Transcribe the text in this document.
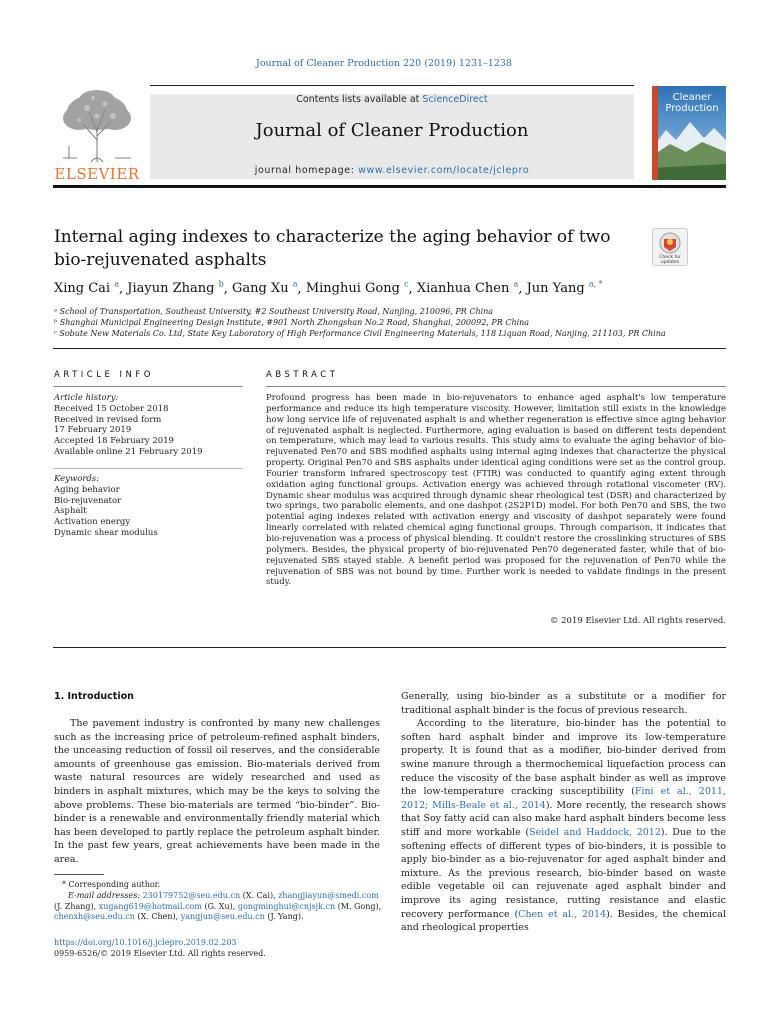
Journal of Cleaner Production 220 (2019) 1231–1238
ELSEVIER
Contents lists available at ScienceDirect
Journal of Cleaner Production
journal homepage: www.elsevier.com/locate/jclepro
Cleaner
Production
Internal aging indexes to characterize the aging behavior of two bio-rejuvenated asphalts	Check for updates
Xing Cai $^a$, Jiayun Zhang $^b$, Gang Xu $^a$, Minghui Gong $^c$, Xianhua Chen $^a$, Jun Yang $^{a, *}$
ᵃ School of Transportation, Southeast University, #2 Southeast University Road, Nanjing, 210096, PR China
ᵇ Shanghai Municipal Engineering Design Institute, #901 North Zhongshan No.2 Road, Shanghai, 200092, PR China
ᶜ Sobute New Materials Co. Ltd, State Key Laboratory of High Performance Civil Engineering Materials, 118 Liquan Road, Nanjing, 211103, PR China
ARTICLE INFO
Article history:
Received 15 October 2018
Received in revised form
17 February 2019
Accepted 18 February 2019
Available online 21 February 2019
Keywords:
Aging behavior
Bio-rejuvenator
Asphalt
Activation energy
Dynamic shear modulus
ABSTRACT
Profound progress has been made in bio-rejuvenators to enhance aged asphalt's low temperature performance and reduce its high temperature viscosity. However, limitation still exists in the knowledge how long service life of rejuvenated asphalt is and whether regeneration is effective since aging behavior of rejuvenated asphalt is neglected. Furthermore, aging evaluation is based on different tests dependent on temperature, which may lead to various results. This study aims to evaluate the aging behavior of bio-rejuvenated Pen70 and SBS modified asphalts using internal aging indexes that characterize the physical property. Original Pen70 and SBS asphalts under identical aging conditions were set as the control group. Fourier transform infrared spectroscopy test (FTIR) was conducted to quantify aging extent through oxidation aging functional groups. Activation energy was achieved through rotational viscometer (RV). Dynamic shear modulus was acquired through dynamic shear rheological test (DSR) and characterized by two springs, two parabolic elements, and one dashpot (2S2P1D) model. For both Pen70 and SBS, the two potential aging indexes related with activation energy and viscosity of dashpot separately were found linearly correlated with related chemical aging functional groups. Through comparison, it indicates that bio-rejuvenation was a process of physical blending. It couldn't restore the crosslinking structures of SBS polymers. Besides, the physical property of bio-rejuvenated Pen70 degenerated faster, while that of bio-rejuvenated SBS stayed stable. A benefit period was proposed for the rejuvenation of Pen70 while the rejuvenation of SBS was not bound by time. Further work is needed to validate findings in the present study.
© 2019 Elsevier Ltd. All rights reserved.
1. Introduction

The pavement industry is confronted by many new challenges such as the increasing price of petroleum-refined asphalt binders, the unceasing reduction of fossil oil reserves, and the considerable amounts of greenhouse gas emission. Bio-materials derived from waste natural resources are widely researched and used as binders in asphalt mixtures, which may be the keys to solving the above problems. These bio-materials are termed “bio-binder”. Bio-binder is a renewable and environmentally friendly material which has been developed to partly replace the petroleum asphalt binder. In the past few years, great achievements have been made in the area.

Generally, using bio-binder as a substitute or a modifier for traditional asphalt binder is the focus of previous research.

According to the literature, bio-binder has the potential to soften hard asphalt binder and improve its low-temperature property. It is found that as a modifier, bio-binder derived from swine manure through a thermochemical liquefaction process can reduce the viscosity of the base asphalt binder as well as improve the low-temperature cracking susceptibility (Fini et al., 2011, 2012; Mills-Beale et al., 2014). More recently, the research shows that Soy fatty acid can also make hard asphalt binders become less stiff and more workable (Seidel and Haddock, 2012). Due to the softening effects of different types of bio-binders, it is possible to apply bio-binder as a bio-rejuvenator for aged asphalt binder and mixture. As the previous research, bio-binder based on waste edible vegetable oil can rejuvenate aged asphalt binder and improve its aging resistance, rutting resistance and elastic recovery performance (Chen et al., 2014). Besides, the chemical and rheological properties

* Corresponding author.
E-mail addresses: 230179752@seu.edu.cn (X. Cai), zhangjiayun@smedi.com (J. Zhang), xugang619@hotmail.com (G. Xu), gongminghui@cnjsjk.cn (M. Gong), chenxh@seu.edu.cn (X. Chen), yangjun@seu.edu.cn (J. Yang).
https://doi.org/10.1016/j.jclepro.2019.02.203
0959-6526/© 2019 Elsevier Ltd. All rights reserved.
